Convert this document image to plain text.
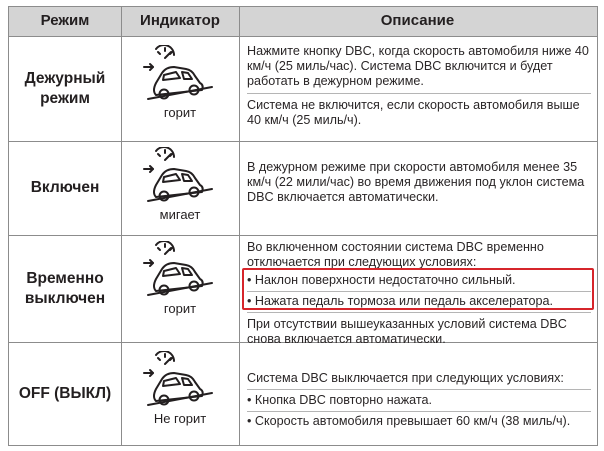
Режим	Индикатор	Описание
Дежурный режим
горит

Нажмите кнопку DBC, когда скорость автомобиля ниже 40 км/ч (25 миль/час). Система DBC включится и будет работать в дежурном режиме.

Система не включится, если скорость автомобиля выше 40 км/ч (25 миль/ч).

Включен
мигает

В дежурном режиме при скорости автомобиля менее 35 км/ч (22 мили/час) во время движения под уклон система DBC включается автоматически.

Временно выключен
горит

Во включенном состоянии система DBC временно отключается при следующих условиях:

• Наклон поверхности недостаточно сильный.

• Нажата педаль тормоза или педаль акселератора.

При отсутствии вышеуказанных условий система DBC снова включается автоматически.

OFF (ВЫКЛ)
Не горит

Система DBC выключается при следующих условиях:

• Кнопка DBC повторно нажата.

• Скорость автомобиля превышает 60 км/ч (38 миль/ч).
